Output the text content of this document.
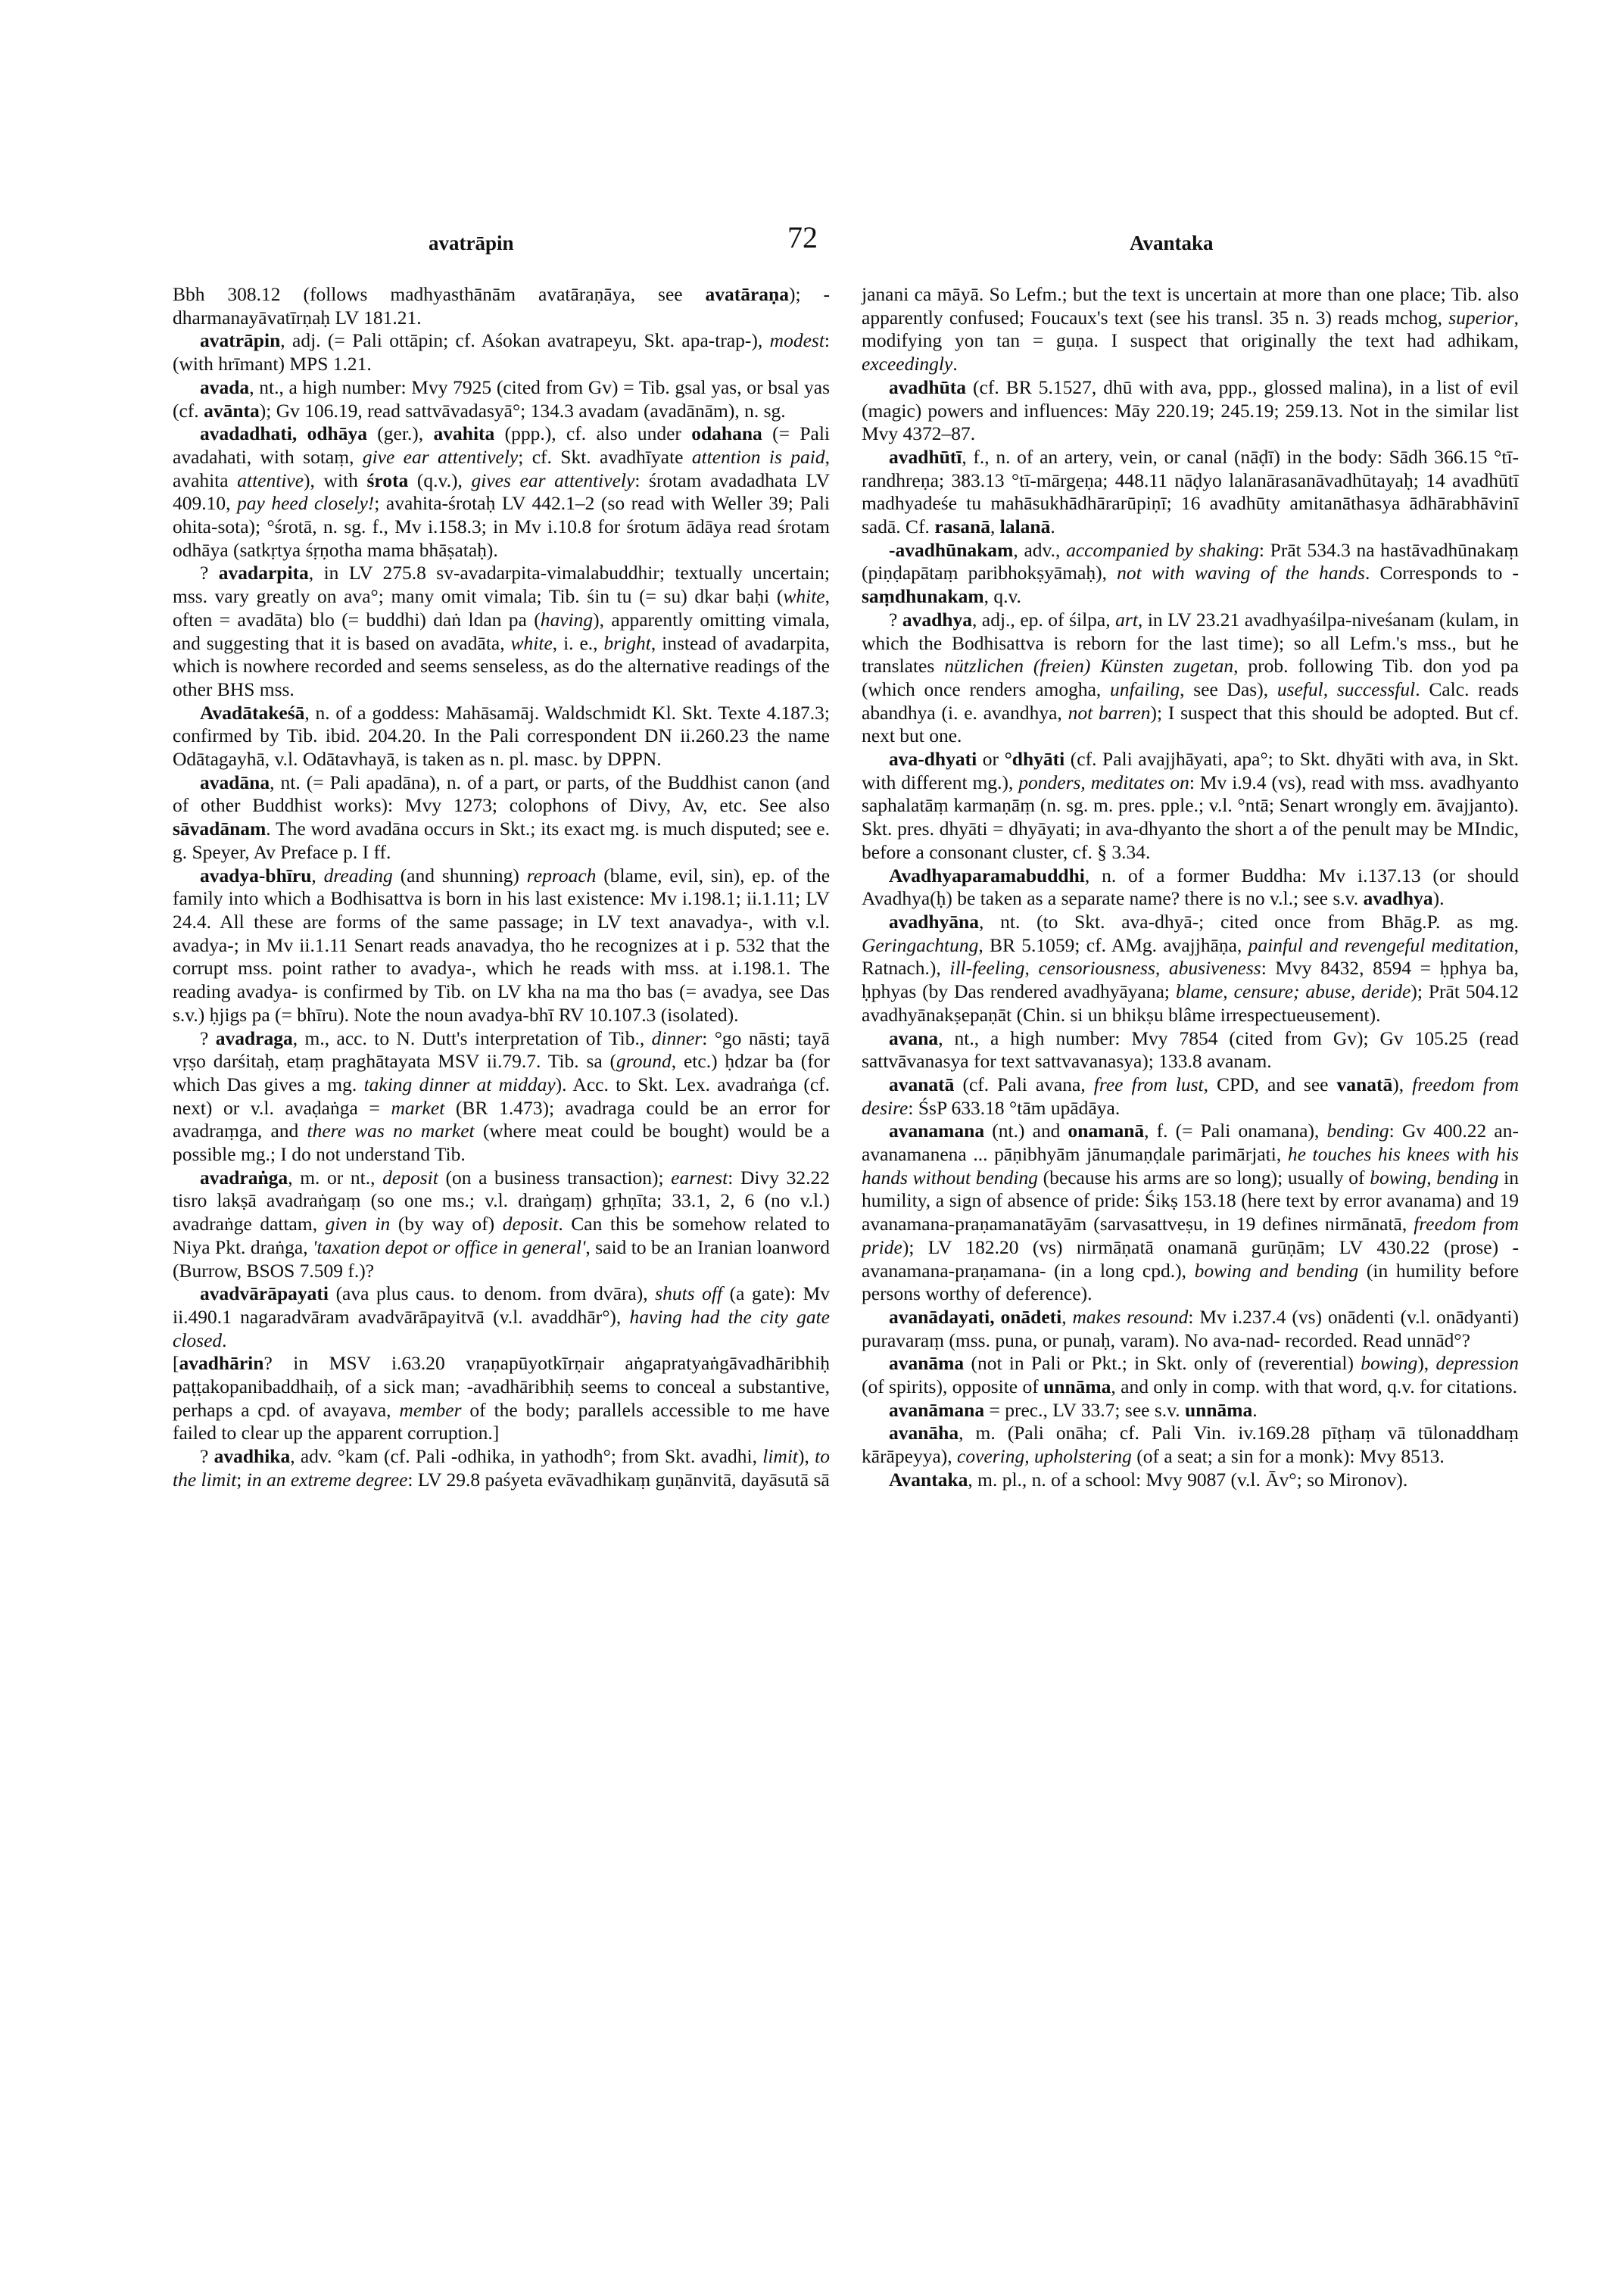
avatrāpin	72	Avantaka

Bbh 308.12 (follows madhyasthānām avatāraṇāya, see avatāraṇa); -dharmanayāvatīrṇaḥ LV 181.21.

avatrāpin, adj. (= Pali ottāpin; cf. Aśokan avatrapeyu, Skt. apa-trap-), modest: (with hrīmant) MPS 1.21.

avada, nt., a high number: Mvy 7925 (cited from Gv) = Tib. gsal yas, or bsal yas (cf. avānta); Gv 106.19, read sattvāvadasyā°; 134.3 avadam (avadānām), n. sg.

avadadhati, odhāya (ger.), avahita (ppp.), cf. also under odahana (= Pali avadahati, with sotaṃ, give ear attentively; cf. Skt. avadhīyate attention is paid, avahita attentive), with śrota (q.v.), gives ear attentively: śrotam avadadhata LV 409.10, pay heed closely!; avahita-śrotaḥ LV 442.1–2 (so read with Weller 39; Pali ohita-sota); °śrotā, n. sg. f., Mv i.158.3; in Mv i.10.8 for śrotum ādāya read śrotam odhāya (satkṛtya śṛṇotha mama bhāṣataḥ).

? avadarpita, in LV 275.8 sv-avadarpita-vimalabuddhir; textually uncertain; mss. vary greatly on ava°; many omit vimala; Tib. śin tu (= su) dkar baḥi (white, often = avadāta) blo (= buddhi) daṅ ldan pa (having), apparently omitting vimala, and suggesting that it is based on avadāta, white, i. e., bright, instead of avadarpita, which is nowhere recorded and seems senseless, as do the alternative readings of the other BHS mss.

Avadātakeśā, n. of a goddess: Mahāsamāj. Waldschmidt Kl. Skt. Texte 4.187.3; confirmed by Tib. ibid. 204.20. In the Pali correspondent DN ii.260.23 the name Odātagayhā, v.l. Odātavhayā, is taken as n. pl. masc. by DPPN.

avadāna, nt. (= Pali apadāna), n. of a part, or parts, of the Buddhist canon (and of other Buddhist works): Mvy 1273; colophons of Divy, Av, etc. See also sāvadānam. The word avadāna occurs in Skt.; its exact mg. is much disputed; see e. g. Speyer, Av Preface p. I ff.

avadya-bhīru, dreading (and shunning) reproach (blame, evil, sin), ep. of the family into which a Bodhisattva is born in his last existence: Mv i.198.1; ii.1.11; LV 24.4. All these are forms of the same passage; in LV text anavadya-, with v.l. avadya-; in Mv ii.1.11 Senart reads anavadya, tho he recognizes at i p. 532 that the corrupt mss. point rather to avadya-, which he reads with mss. at i.198.1. The reading avadya- is confirmed by Tib. on LV kha na ma tho bas (= avadya, see Das s.v.) ḥjigs pa (= bhīru). Note the noun avadya-bhī RV 10.107.3 (isolated).

? avadraga, m., acc. to N. Dutt's interpretation of Tib., dinner: °go nāsti; tayā vṛṣo darśitaḥ, etaṃ praghātayata MSV ii.79.7. Tib. sa (ground, etc.) ḥdzar ba (for which Das gives a mg. taking dinner at midday). Acc. to Skt. Lex. avadraṅga (cf. next) or v.l. avaḍaṅga = market (BR 1.473); avadraga could be an error for avadraṃga, and there was no market (where meat could be bought) would be a possible mg.; I do not understand Tib.

avadraṅga, m. or nt., deposit (on a business transaction); earnest: Divy 32.22 tisro lakṣā avadraṅgaṃ (so one ms.; v.l. draṅgaṃ) gṛhṇīta; 33.1, 2, 6 (no v.l.) avadraṅge dattam, given in (by way of) deposit. Can this be somehow related to Niya Pkt. draṅga, 'taxation depot or office in general', said to be an Iranian loanword (Burrow, BSOS 7.509 f.)?

avadvārāpayati (ava plus caus. to denom. from dvāra), shuts off (a gate): Mv ii.490.1 nagaradvāram avadvārāpayitvā (v.l. avaddhār°), having had the city gate closed.

[avadhārin? in MSV i.63.20 vraṇapūyotkīrṇair aṅgapratyaṅgāvadhāribhiḥ paṭṭakopanibaddhaiḥ, of a sick man; -avadhāribhiḥ seems to conceal a substantive, perhaps a cpd. of avayava, member of the body; parallels accessible to me have failed to clear up the apparent corruption.]

? avadhika, adv. °kam (cf. Pali -odhika, in yathodh°; from Skt. avadhi, limit), to the limit; in an extreme degree: LV 29.8 paśyeta evāvadhikaṃ guṇānvitā, dayāsutā sā

janani ca māyā. So Lefm.; but the text is uncertain at more than one place; Tib. also apparently confused; Foucaux's text (see his transl. 35 n. 3) reads mchog, superior, modifying yon tan = guṇa. I suspect that originally the text had adhikam, exceedingly.

avadhūta (cf. BR 5.1527, dhū with ava, ppp., glossed malina), in a list of evil (magic) powers and influences: Māy 220.19; 245.19; 259.13. Not in the similar list Mvy 4372–87.

avadhūtī, f., n. of an artery, vein, or canal (nāḍī) in the body: Sādh 366.15 °tī-randhreṇa; 383.13 °tī-mārgeṇa; 448.11 nāḍyo lalanārasanāvadhūtayaḥ; 14 avadhūtī madhyadeśe tu mahāsukhādhārarūpiṇī; 16 avadhūty amitanāthasya ādhārabhāvinī sadā. Cf. rasanā, lalanā.

-avadhūnakam, adv., accompanied by shaking: Prāt 534.3 na hastāvadhūnakaṃ (piṇḍapātaṃ paribhokṣyāmaḥ), not with waving of the hands. Corresponds to -saṃdhunakam, q.v.

? avadhya, adj., ep. of śilpa, art, in LV 23.21 avadhyaśilpa-niveśanam (kulam, in which the Bodhisattva is reborn for the last time); so all Lefm.'s mss., but he translates nützlichen (freien) Künsten zugetan, prob. following Tib. don yod pa (which once renders amogha, unfailing, see Das), useful, successful. Calc. reads abandhya (i. e. avandhya, not barren); I suspect that this should be adopted. But cf. next but one.

ava-dhyati or °dhyāti (cf. Pali avajjhāyati, apa°; to Skt. dhyāti with ava, in Skt. with different mg.), ponders, meditates on: Mv i.9.4 (vs), read with mss. avadhyanto saphalatāṃ karmaṇāṃ (n. sg. m. pres. pple.; v.l. °ntā; Senart wrongly em. āvajjanto). Skt. pres. dhyāti = dhyāyati; in ava-dhyanto the short a of the penult may be MIndic, before a consonant cluster, cf. § 3.34.

Avadhyaparamabuddhi, n. of a former Buddha: Mv i.137.13 (or should Avadhya(ḥ) be taken as a separate name? there is no v.l.; see s.v. avadhya).

avadhyāna, nt. (to Skt. ava-dhyā-; cited once from Bhāg.P. as mg. Geringachtung, BR 5.1059; cf. AMg. avajjhāṇa, painful and revengeful meditation, Ratnach.), ill-feeling, censoriousness, abusiveness: Mvy 8432, 8594 = ḥphya ba, ḥphyas (by Das rendered avadhyāyana; blame, censure; abuse, deride); Prāt 504.12 avadhyānakṣepaṇāt (Chin. si un bhikṣu blâme irrespectueusement).

avana, nt., a high number: Mvy 7854 (cited from Gv); Gv 105.25 (read sattvāvanasya for text sattvavanasya); 133.8 avanam.

avanatā (cf. Pali avana, free from lust, CPD, and see vanatā), freedom from desire: ŚsP 633.18 °tām upādāya.

avanamana (nt.) and onamanā, f. (= Pali onamana), bending: Gv 400.22 an-avanamanena ... pāṇibhyām jānumaṇḍale parimārjati, he touches his knees with his hands without bending (because his arms are so long); usually of bowing, bending in humility, a sign of absence of pride: Śikṣ 153.18 (here text by error avanama) and 19 avanamana-praṇamanatāyām (sarvasattveṣu, in 19 defines nirmānatā, freedom from pride); LV 182.20 (vs) nirmāṇatā onamanā gurūṇām; LV 430.22 (prose) -avanamana-praṇamana- (in a long cpd.), bowing and bending (in humility before persons worthy of deference).

avanādayati, onādeti, makes resound: Mv i.237.4 (vs) onādenti (v.l. onādyanti) puravaraṃ (mss. puna, or punaḥ, varam). No ava-nad- recorded. Read unnād°?

avanāma (not in Pali or Pkt.; in Skt. only of (reverential) bowing), depression (of spirits), opposite of unnāma, and only in comp. with that word, q.v. for citations.

avanāmana = prec., LV 33.7; see s.v. unnāma.

avanāha, m. (Pali onāha; cf. Pali Vin. iv.169.28 pīṭhaṃ vā tūlonaddhaṃ kārāpeyya), covering, upholstering (of a seat; a sin for a monk): Mvy 8513.

Avantaka, m. pl., n. of a school: Mvy 9087 (v.l. Āv°; so Mironov).
